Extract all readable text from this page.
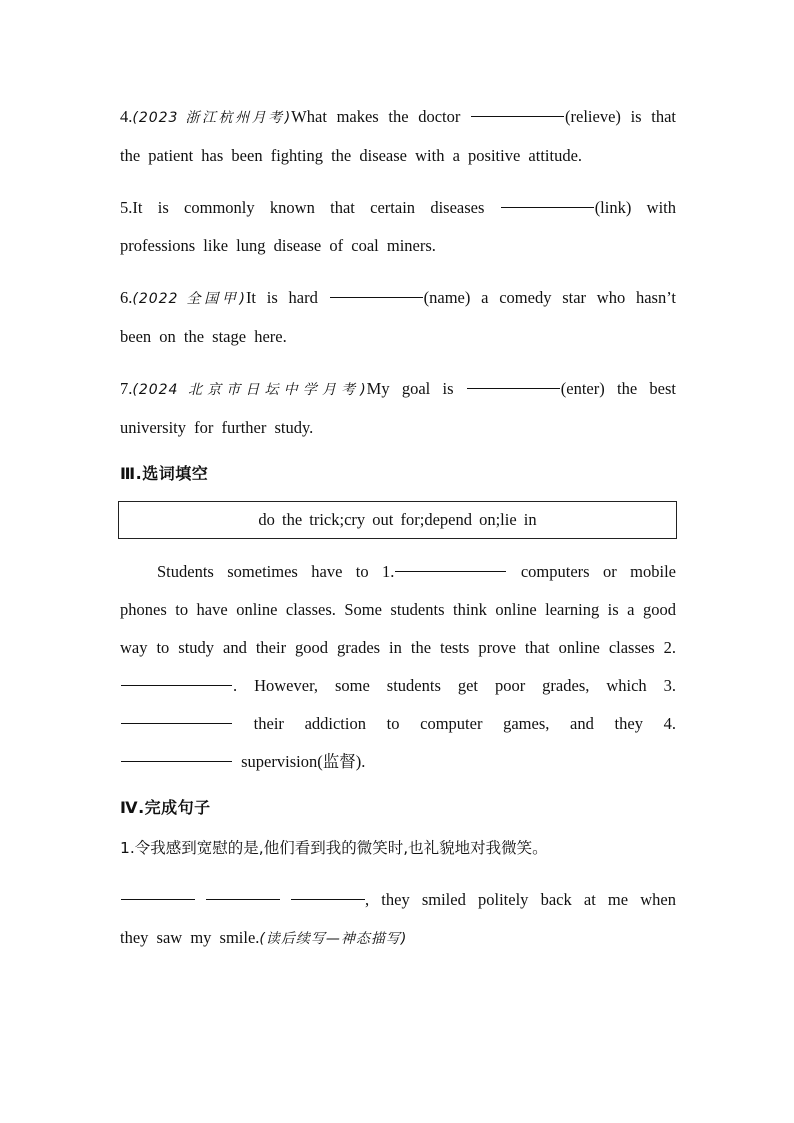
4.(2023 浙江杭州月考)What makes the doctor	(relieve) is that the patient has been fighting the disease with a positive attitude.
5.It is commonly known that certain diseases	(link) with professions like lung disease of coal miners.
6.(2022 全国甲)It is hard	(name) a comedy star who hasn’t been on the stage here.
7.(2024 北京市日坛中学月考)My goal is	(enter) the best university for further study.
Ⅲ.选词填空
do the trick;cry out for;depend on;lie in
Students sometimes have to 1.	computers or mobile phones to have online classes. Some students think online learning is a good way to study and their good grades in the tests prove that online classes 2.. However, some students get poor grades, which 3. their addiction to computer games, and they 4. supervision(监督).
Ⅳ.完成句子
1.令我感到宽慰的是,他们看到我的微笑时,也礼貌地对我微笑。
, they smiled politely back at me when they saw my smile.(读后续写—神态描写)
